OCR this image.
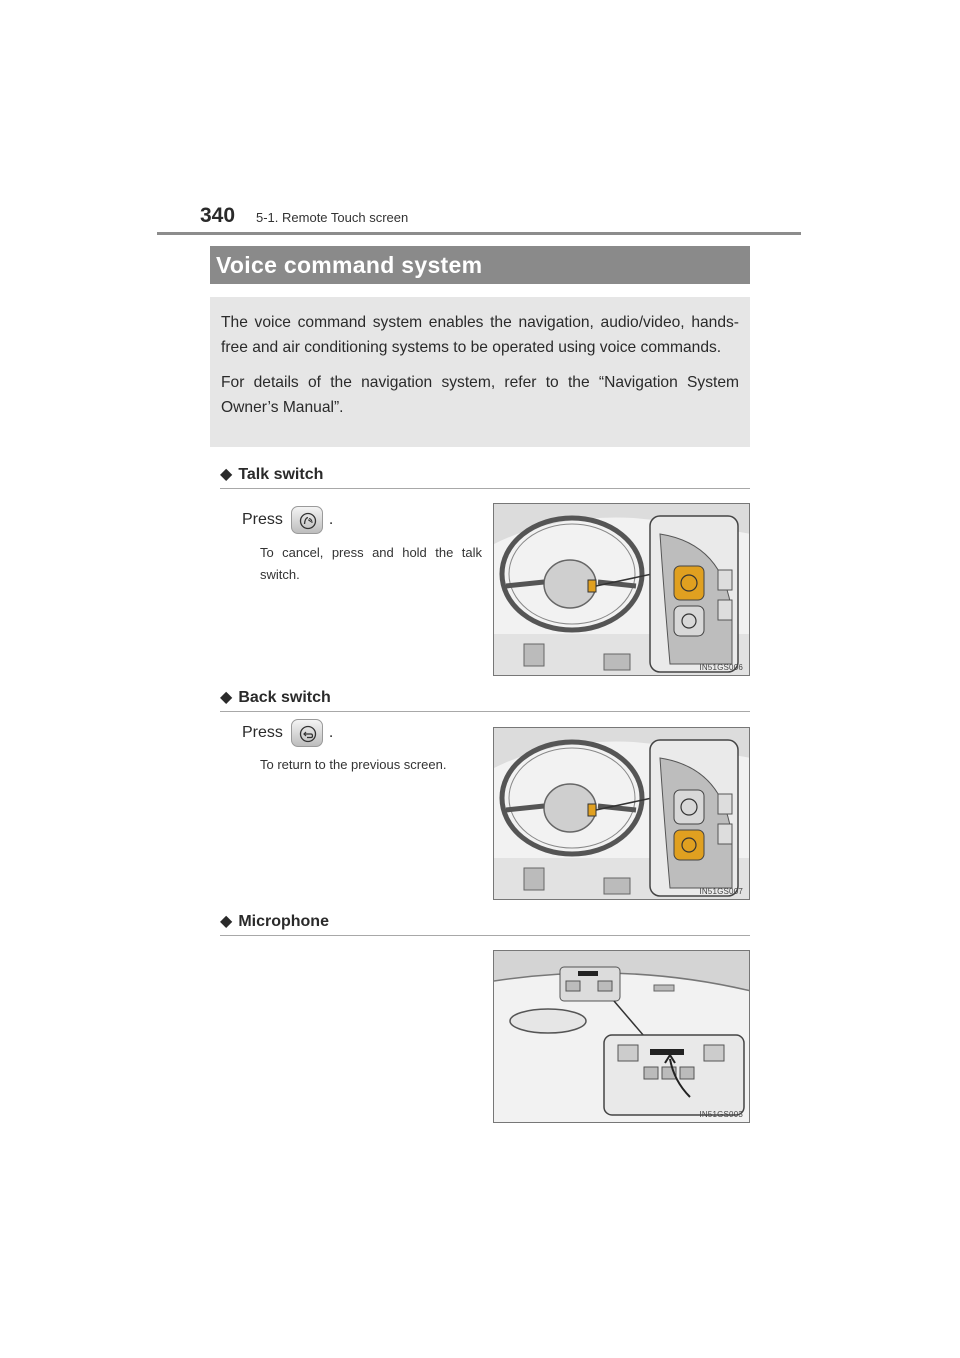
340 5-1. Remote Touch screen
Voice command system

The voice command system enables the navigation, audio/video, hands-free and air conditioning systems to be operated using voice commands.

For details of the navigation system, refer to the “Navigation System Owner’s Manual”.

◆ Talk switch
Press	.
To cancel, press and hold the talk switch.
IN51GS006
◆ Back switch
Press	.
To return to the previous screen.
IN51GS007
◆ Microphone
IN51GS003
